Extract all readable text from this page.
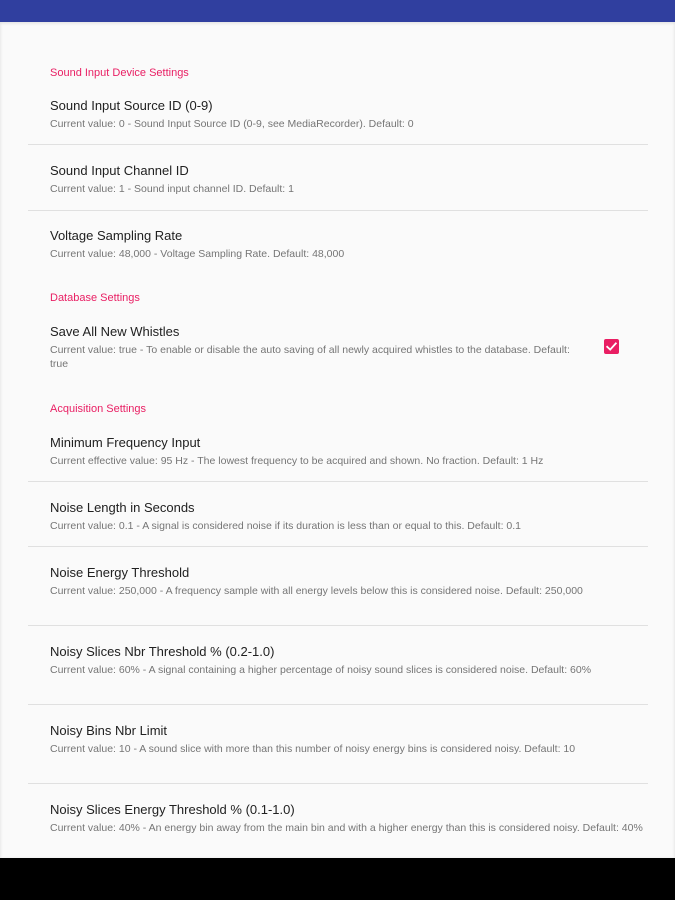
Sound Input Device Settings
Sound Input Source ID (0-9)
Current value: 0 - Sound Input Source ID (0-9, see MediaRecorder). Default: 0
Sound Input Channel ID
Current value: 1 - Sound input channel ID. Default: 1
Voltage Sampling Rate
Current value: 48,000 - Voltage Sampling Rate. Default: 48,000
Database Settings
Save All New Whistles
Current value: true - To enable or disable the auto saving of all newly acquired whistles to the database. Default: true
Acquisition Settings
Minimum Frequency Input
Current effective value: 95 Hz - The lowest frequency to be acquired and shown. No fraction. Default: 1 Hz
Noise Length in Seconds
Current value: 0.1 - A signal is considered noise if its duration is less than or equal to this. Default: 0.1
Noise Energy Threshold
Current value: 250,000 - A frequency sample with all energy levels below this is considered noise. Default: 250,000
Noisy Slices Nbr Threshold % (0.2-1.0)
Current value: 60% - A signal containing a higher percentage of noisy sound slices is considered noise. Default: 60%
Noisy Bins Nbr Limit
Current value: 10 - A sound slice with more than this number of noisy energy bins is considered noisy. Default: 10
Noisy Slices Energy Threshold % (0.1-1.0)
Current value: 40% - An energy bin away from the main bin and with a higher energy than this is considered noisy. Default: 40%
